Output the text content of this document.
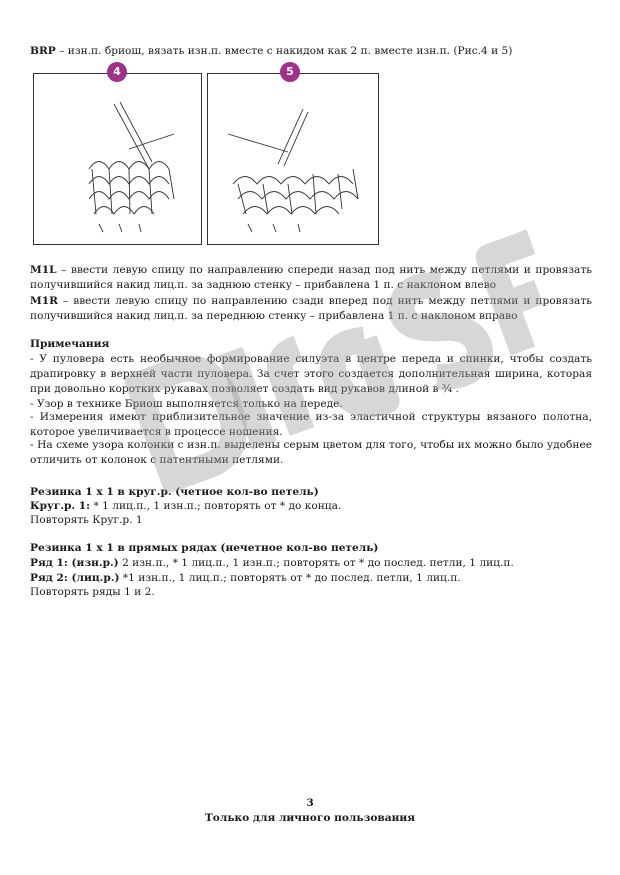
BRP – изн.п. бриош, вязать изн.п. вместе с накидом как 2 п. вместе изн.п. (Рис.4 и 5)
4	5
M1L – ввести левую спицу по направлению спереди назад под нить между петлями и провязать получившийся накид лиц.п. за заднюю стенку – прибавлена 1 п. с наклоном влево
M1R – ввести левую спицу по направлению сзади вперед под нить между петлями и провязать получившийся накид лиц.п. за переднюю стенку – прибавлена 1 п. с наклоном вправо
Примечания
- У пуловера есть необычное формирование силуэта в центре переда и спинки, чтобы создать драпировку в верхней части пуловера. За счет этого создается дополнительная ширина, которая при довольно коротких рукавах позволяет создать вид рукавов длиной в ¾ .
- Узор в технике Бриош выполняется только на переде.
- Измерения имеют приблизительное значение из-за эластичной структуры вязаного полотна, которое увеличивается в процессе ношения.
- На схеме узора колонки с изн.п. выделены серым цветом для того, чтобы их можно было удобнее отличить от колонок с патентными петлями.
Резинка 1 х 1 в круг.р. (четное кол-во петель)
Круг.р. 1: * 1 лиц.п., 1 изн.п.; повторять от * до конца.
Повторять Круг.р. 1
Резинка 1 х 1 в прямых рядах (нечетное кол-во петель)
Ряд 1: (изн.р.) 2 изн.п., * 1 лиц.п., 1 изн.п.; повторять от * до послед. петли, 1 лиц.п.
Ряд 2: (лиц.р.) *1 изн.п., 1 лиц.п.; повторять от * до послед. петли, 1 лиц.п.
Повторять ряды 1 и 2.
3
Только для личного пользования
